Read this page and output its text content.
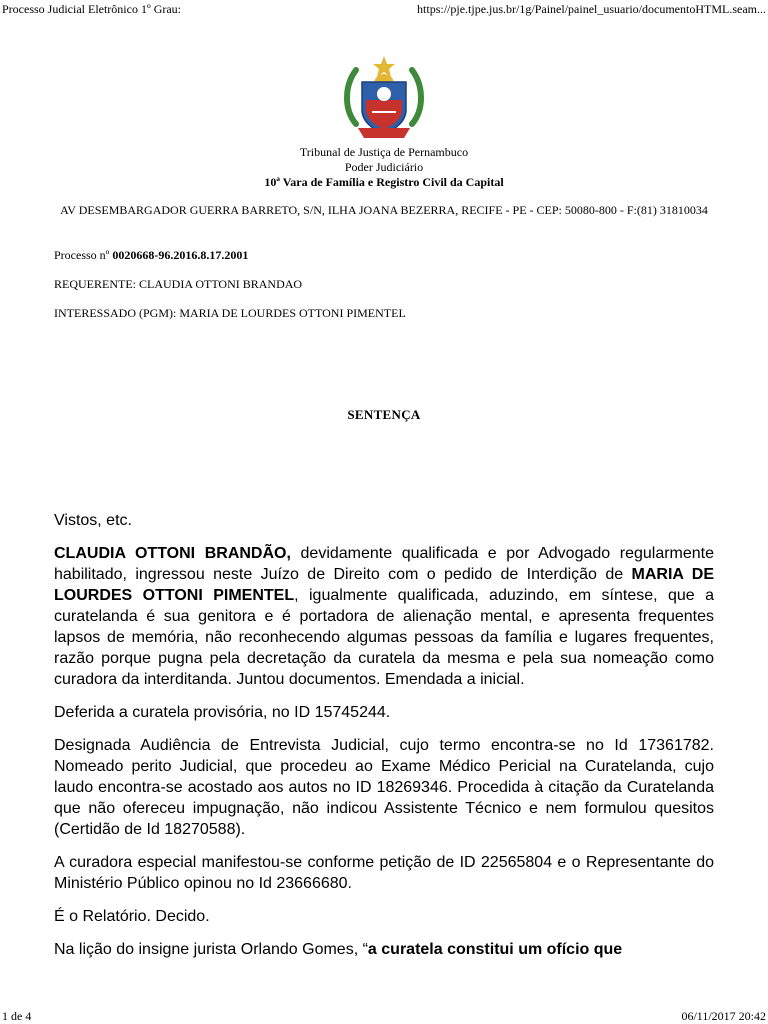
Processo Judicial Eletrônico 1º Grau:	https://pje.tjpe.jus.br/1g/Painel/painel_usuario/documentoHTML.seam...
Tribunal de Justiça de Pernambuco
Poder Judiciário
10ª Vara de Família e Registro Civil da Capital
AV DESEMBARGADOR GUERRA BARRETO, S/N, ILHA JOANA BEZERRA, RECIFE - PE - CEP: 50080-800 - F:(81) 31810034
Processo nº 0020668-96.2016.8.17.2001
REQUERENTE: CLAUDIA OTTONI BRANDAO
INTERESSADO (PGM): MARIA DE LOURDES OTTONI PIMENTEL
SENTENÇA

Vistos, etc.

CLAUDIA OTTONI BRANDÃO, devidamente qualificada e por Advogado regularmente habilitado, ingressou neste Juízo de Direito com o pedido de Interdição de MARIA DE LOURDES OTTONI PIMENTEL, igualmente qualificada, aduzindo, em síntese, que a curatelanda é sua genitora e é portadora de alienação mental, e apresenta frequentes lapsos de memória, não reconhecendo algumas pessoas da família e lugares frequentes, razão porque pugna pela decretação da curatela da mesma e pela sua nomeação como curadora da interditanda. Juntou documentos. Emendada a inicial.

Deferida a curatela provisória, no ID 15745244.

Designada Audiência de Entrevista Judicial, cujo termo encontra-se no Id 17361782. Nomeado perito Judicial, que procedeu ao Exame Médico Pericial na Curatelanda, cujo laudo encontra-se acostado aos autos no ID 18269346. Procedida à citação da Curatelanda que não ofereceu impugnação, não indicou Assistente Técnico e nem formulou quesitos (Certidão de Id 18270588).

A curadora especial manifestou-se conforme petição de ID 22565804 e o Representante do Ministério Público opinou no Id 23666680.

É o Relatório. Decido.

Na lição do insigne jurista Orlando Gomes, “a curatela constitui um ofício que

1 de 4	06/11/2017 20:42
